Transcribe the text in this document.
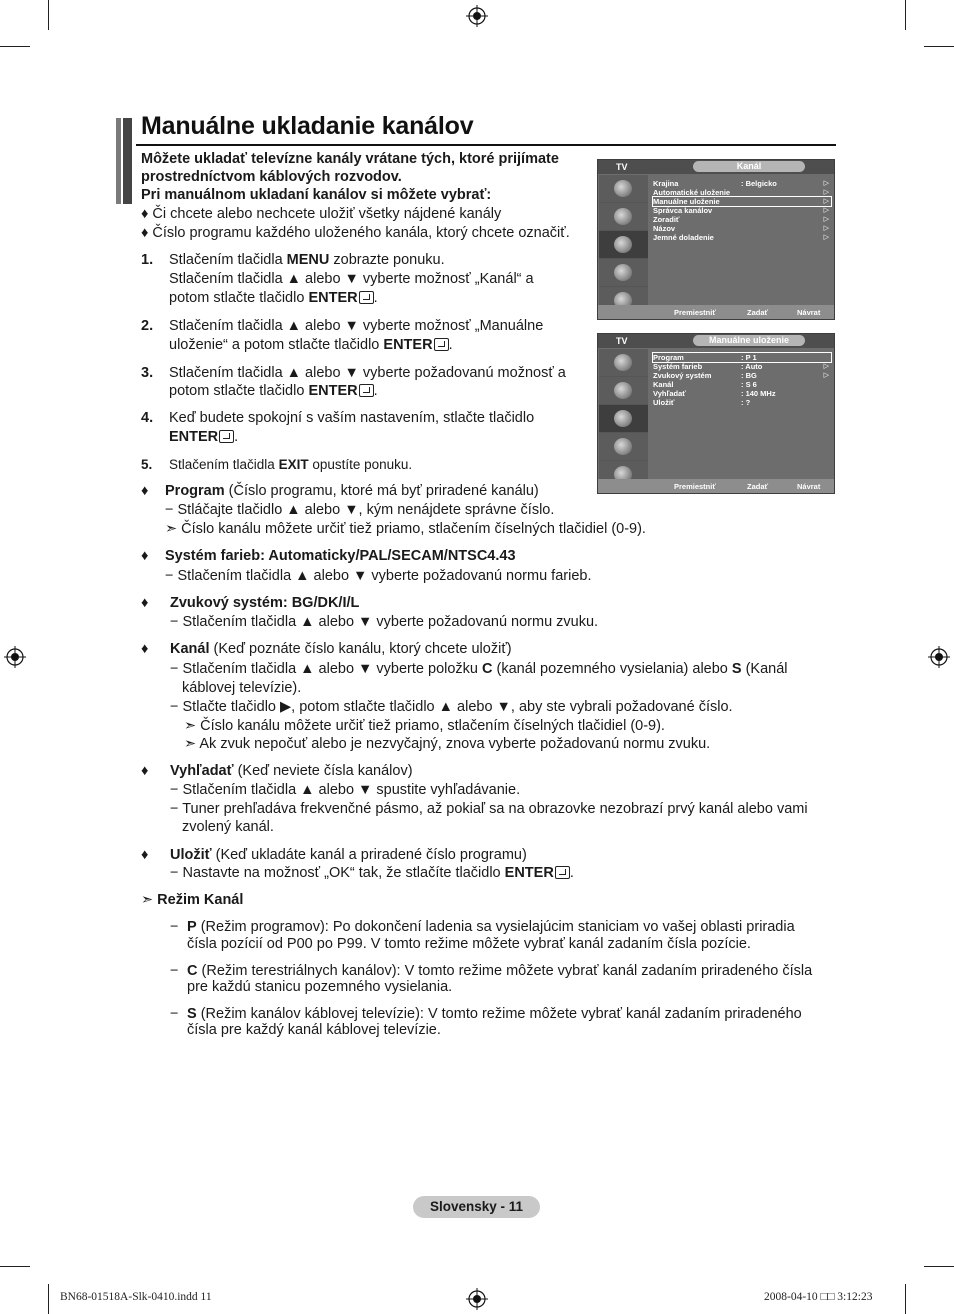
Manuálne ukladanie kanálov
Môžete ukladať televízne kanály vrátane tých, ktoré prijímate
prostredníctvom káblových rozvodov.
Pri manuálnom ukladaní kanálov si môžete vybrať:
♦ Či chcete alebo nechcete uložiť všetky nájdené kanály
♦ Číslo programu každého uloženého kanála, ktorý chcete označiť.
1. Stlačením tlačidla MENU zobrazte ponuku.
Stlačením tlačidla ▲ alebo ▼ vyberte možnosť „Kanál“ a
potom stlačte tlačidlo ENTER .
2. Stlačením tlačidla ▲ alebo ▼ vyberte možnosť „Manuálne
uloženie“ a potom stlačte tlačidlo ENTER .
3. Stlačením tlačidla ▲ alebo ▼ vyberte požadovanú možnosť a
potom stlačte tlačidlo ENTER .
4. Keď budete spokojní s vaším nastavením, stlačte tlačidlo
ENTER .
5. Stlačením tlačidla EXIT opustíte ponuku.
♦ Program (Číslo programu, ktoré má byť priradené kanálu)
− Stláčajte tlačidlo ▲ alebo ▼, kým nenájdete správne číslo.
➣ Číslo kanálu môžete určiť tiež priamo, stlačením číselných tlačidiel (0-9).
♦ Systém farieb: Automaticky/PAL/SECAM/NTSC4.43
− Stlačením tlačidla ▲ alebo ▼ vyberte požadovanú normu farieb.
♦ Zvukový systém: BG/DK/I/L
− Stlačením tlačidla ▲ alebo ▼ vyberte požadovanú normu zvuku.
♦ Kanál (Keď poznáte číslo kanálu, ktorý chcete uložiť)
− Stlačením tlačidla ▲ alebo ▼ vyberte položku C (kanál pozemného vysielania) alebo S (Kanál
káblovej televízie).
− Stlačte tlačidlo ▶, potom stlačte tlačidlo ▲ alebo ▼, aby ste vybrali požadované číslo.
➣ Číslo kanálu môžete určiť tiež priamo, stlačením číselných tlačidiel (0-9).
➣ Ak zvuk nepočuť alebo je nezvyčajný, znova vyberte požadovanú normu zvuku.
♦ Vyhľadať (Keď neviete čísla kanálov)
− Stlačením tlačidla ▲ alebo ▼ spustite vyhľadávanie.
− Tuner prehľadáva frekvenčné pásmo, až pokiaľ sa na obrazovke nezobrazí prvý kanál alebo vami
zvolený kanál.
♦ Uložiť (Keď ukladáte kanál a priradené číslo programu)
− Nastavte na možnosť „OK“ tak, že stlačíte tlačidlo ENTER .
➣ Režim Kanál
− P (Režim programov): Po dokončení ladenia sa vysielajúcim staniciam vo vašej oblasti priradia
čísla pozícií od P00 po P99. V tomto režime môžete vybrať kanál zadaním čísla pozície.
− C (Režim terestriálnych kanálov): V tomto režime môžete vybrať kanál zadaním priradeného čísla
pre každú stanicu pozemného vysielania.
− S (Režim kanálov káblovej televízie): V tomto režime môžete vybrať kanál zadaním priradeného
čísla pre každý kanál káblovej televízie.
TV	Kanál
Krajina	: Belgicko	▷
Automatické uloženie	▷
Manuálne uloženie	▷
Správca kanálov	▷
Zoradiť	▷
Názov	▷
Jemné doladenie	▷
Premiestniť	Zadať	Návrat
TV	Manuálne uloženie
Program	: P 1
Systém farieb	: Auto	▷
Zvukový systém	: BG	▷
Kanál	: S 6
Vyhľadať	: 140 MHz
Uložiť	: ?
Premiestniť	Zadať	Návrat
Slovensky - 11
BN68-01518A-Slk-0410.indd 11	2008-04-10 □□ 3:12:23
